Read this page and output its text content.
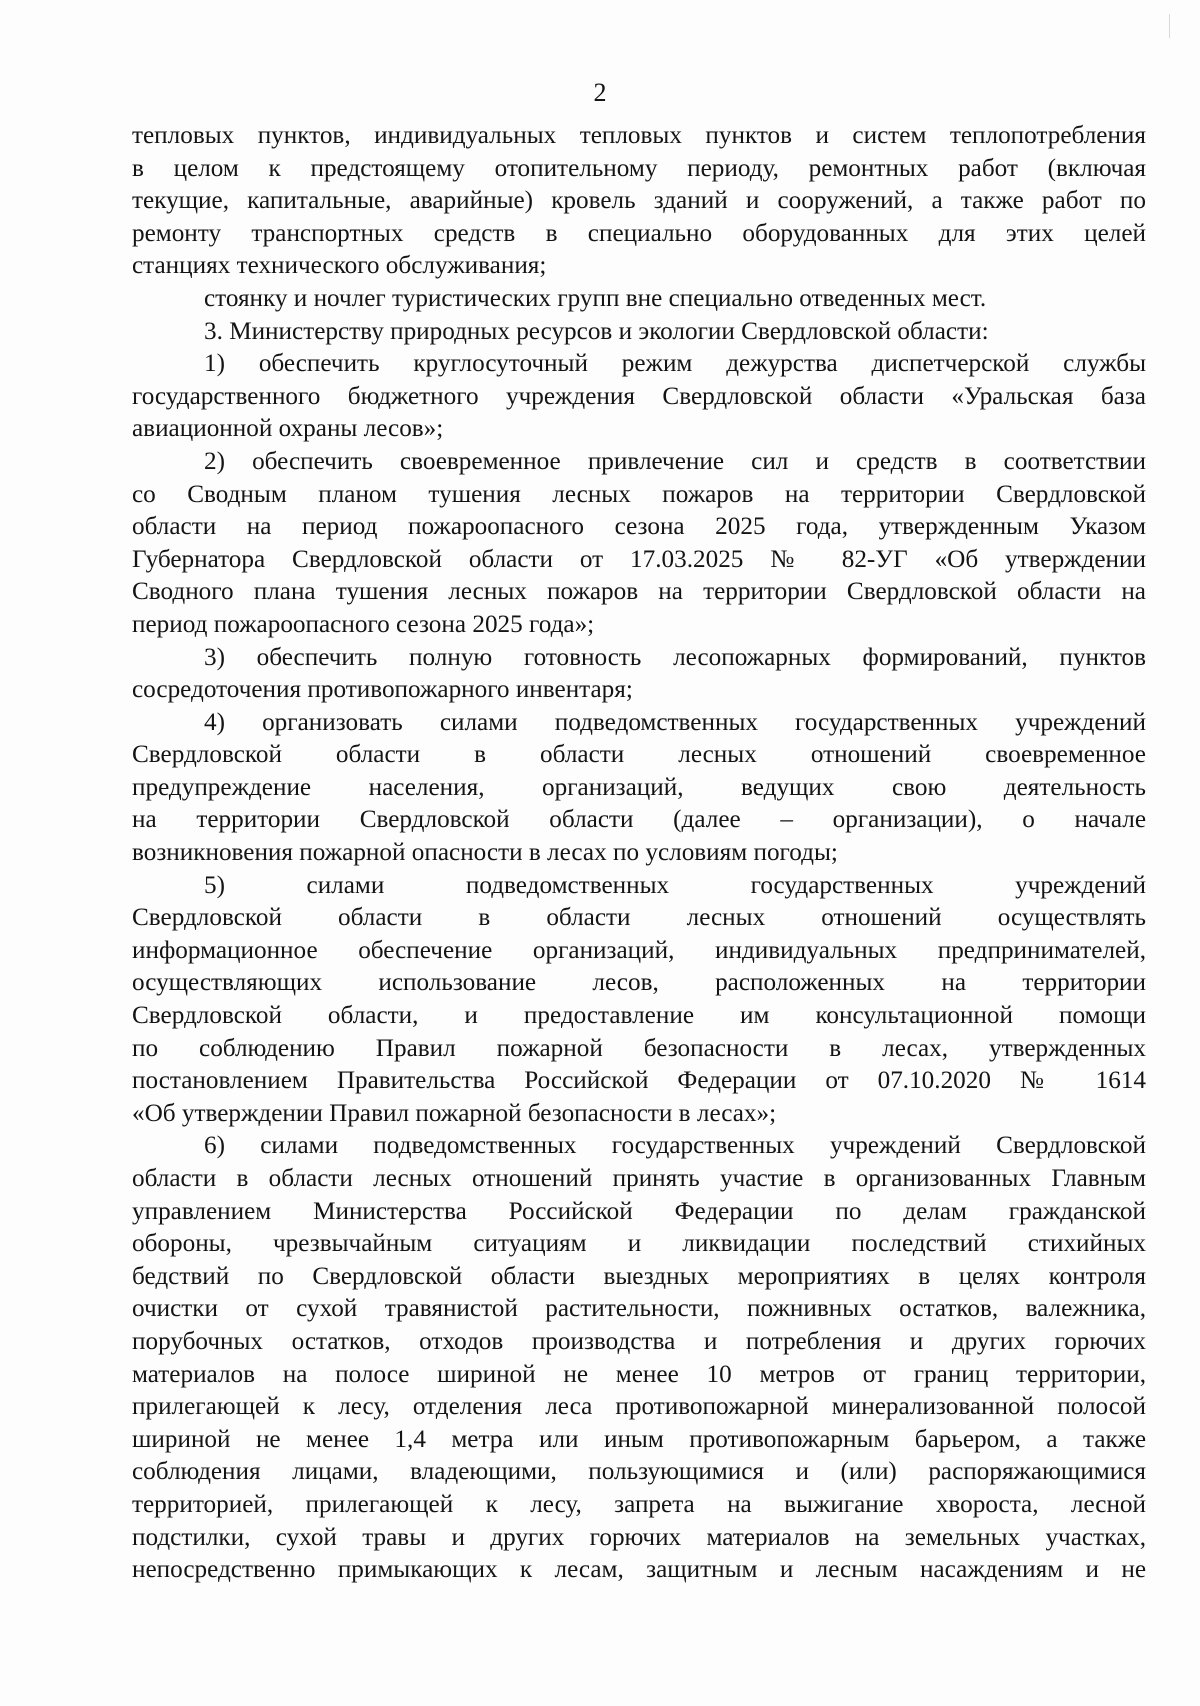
2
тепловых пунктов, индивидуальных тепловых пунктов и систем теплопотребления
в целом к предстоящему отопительному периоду, ремонтных работ (включая
текущие, капитальные, аварийные) кровель зданий и сооружений, а также работ по
ремонту транспортных средств в специально оборудованных для этих целей
станциях технического обслуживания;
стоянку и ночлег туристических групп вне специально отведенных мест.
3. Министерству природных ресурсов и экологии Свердловской области:
1) обеспечить круглосуточный режим дежурства диспетчерской службы
государственного бюджетного учреждения Свердловской области «Уральская база
авиационной охраны лесов»;
2) обеспечить своевременное привлечение сил и средств в соответствии
со Сводным планом тушения лесных пожаров на территории Свердловской
области на период пожароопасного сезона 2025 года, утвержденным Указом
Губернатора Свердловской области от 17.03.2025 № 82-УГ «Об утверждении
Сводного плана тушения лесных пожаров на территории Свердловской области на
период пожароопасного сезона 2025 года»;
3) обеспечить полную готовность лесопожарных формирований, пунктов
сосредоточения противопожарного инвентаря;
4) организовать силами подведомственных государственных учреждений
Свердловской области в области лесных отношений своевременное
предупреждение населения, организаций, ведущих свою деятельность
на территории Свердловской области (далее – организации), о начале
возникновения пожарной опасности в лесах по условиям погоды;
5) силами подведомственных государственных учреждений
Свердловской области в области лесных отношений осуществлять
информационное обеспечение организаций, индивидуальных предпринимателей,
осуществляющих использование лесов, расположенных на территории
Свердловской области, и предоставление им консультационной помощи
по соблюдению Правил пожарной безопасности в лесах, утвержденных
постановлением Правительства Российской Федерации от 07.10.2020 № 1614
«Об утверждении Правил пожарной безопасности в лесах»;
6) силами подведомственных государственных учреждений Свердловской
области в области лесных отношений принять участие в организованных Главным
управлением Министерства Российской Федерации по делам гражданской
обороны, чрезвычайным ситуациям и ликвидации последствий стихийных
бедствий по Свердловской области выездных мероприятиях в целях контроля
очистки от сухой травянистой растительности, пожнивных остатков, валежника,
порубочных остатков, отходов производства и потребления и других горючих
материалов на полосе шириной не менее 10 метров от границ территории,
прилегающей к лесу, отделения леса противопожарной минерализованной полосой
шириной не менее 1,4 метра или иным противопожарным барьером, а также
соблюдения лицами, владеющими, пользующимися и (или) распоряжающимися
территорией, прилегающей к лесу, запрета на выжигание хвороста, лесной
подстилки, сухой травы и других горючих материалов на земельных участках,
непосредственно примыкающих к лесам, защитным и лесным насаждениям и не
